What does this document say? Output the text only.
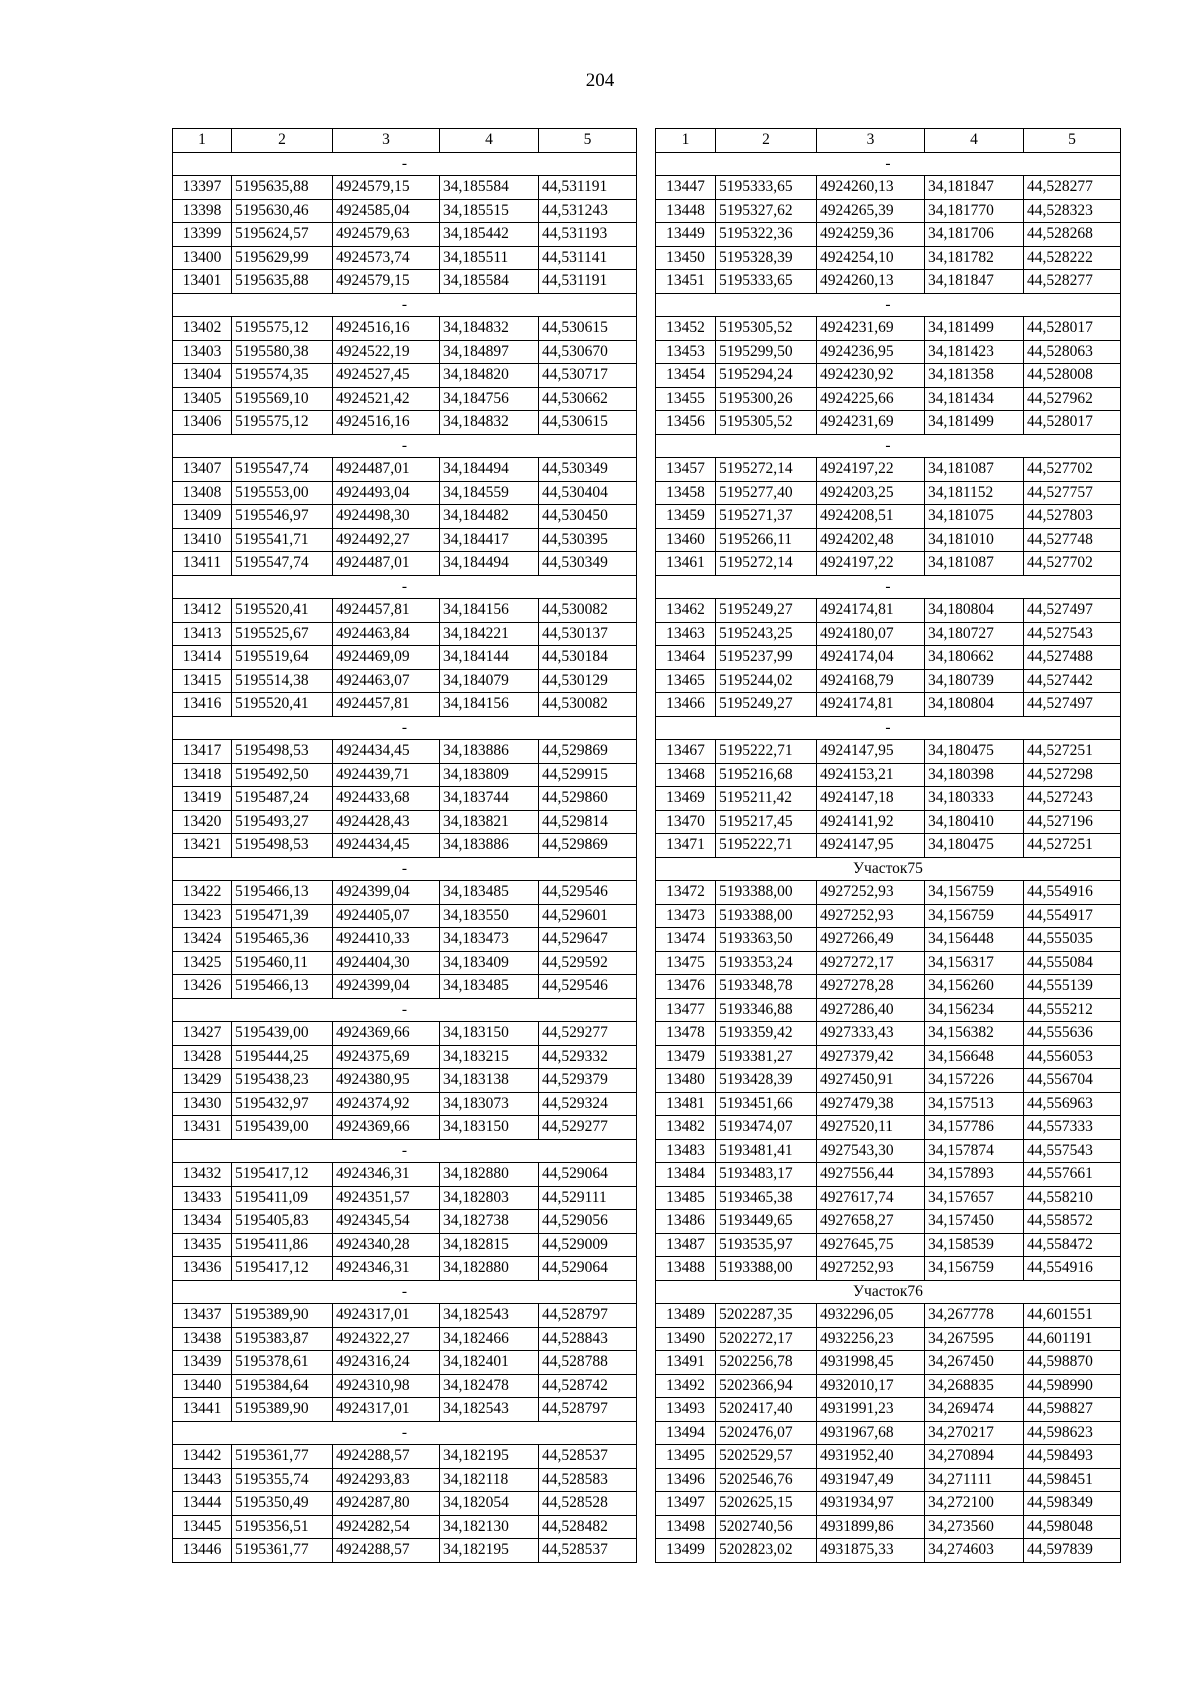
204
1	2	3	4	5
-				
13397	5195635,88	4924579,15	34,185584	44,531191
13398	5195630,46	4924585,04	34,185515	44,531243
13399	5195624,57	4924579,63	34,185442	44,531193
13400	5195629,99	4924573,74	34,185511	44,531141
13401	5195635,88	4924579,15	34,185584	44,531191
-				
13402	5195575,12	4924516,16	34,184832	44,530615
13403	5195580,38	4924522,19	34,184897	44,530670
13404	5195574,35	4924527,45	34,184820	44,530717
13405	5195569,10	4924521,42	34,184756	44,530662
13406	5195575,12	4924516,16	34,184832	44,530615
-				
13407	5195547,74	4924487,01	34,184494	44,530349
13408	5195553,00	4924493,04	34,184559	44,530404
13409	5195546,97	4924498,30	34,184482	44,530450
13410	5195541,71	4924492,27	34,184417	44,530395
13411	5195547,74	4924487,01	34,184494	44,530349
-				
13412	5195520,41	4924457,81	34,184156	44,530082
13413	5195525,67	4924463,84	34,184221	44,530137
13414	5195519,64	4924469,09	34,184144	44,530184
13415	5195514,38	4924463,07	34,184079	44,530129
13416	5195520,41	4924457,81	34,184156	44,530082
-				
13417	5195498,53	4924434,45	34,183886	44,529869
13418	5195492,50	4924439,71	34,183809	44,529915
13419	5195487,24	4924433,68	34,183744	44,529860
13420	5195493,27	4924428,43	34,183821	44,529814
13421	5195498,53	4924434,45	34,183886	44,529869
-				
13422	5195466,13	4924399,04	34,183485	44,529546
13423	5195471,39	4924405,07	34,183550	44,529601
13424	5195465,36	4924410,33	34,183473	44,529647
13425	5195460,11	4924404,30	34,183409	44,529592
13426	5195466,13	4924399,04	34,183485	44,529546
-				
13427	5195439,00	4924369,66	34,183150	44,529277
13428	5195444,25	4924375,69	34,183215	44,529332
13429	5195438,23	4924380,95	34,183138	44,529379
13430	5195432,97	4924374,92	34,183073	44,529324
13431	5195439,00	4924369,66	34,183150	44,529277
-				
13432	5195417,12	4924346,31	34,182880	44,529064
13433	5195411,09	4924351,57	34,182803	44,529111
13434	5195405,83	4924345,54	34,182738	44,529056
13435	5195411,86	4924340,28	34,182815	44,529009
13436	5195417,12	4924346,31	34,182880	44,529064
-				
13437	5195389,90	4924317,01	34,182543	44,528797
13438	5195383,87	4924322,27	34,182466	44,528843
13439	5195378,61	4924316,24	34,182401	44,528788
13440	5195384,64	4924310,98	34,182478	44,528742
13441	5195389,90	4924317,01	34,182543	44,528797
-				
13442	5195361,77	4924288,57	34,182195	44,528537
13443	5195355,74	4924293,83	34,182118	44,528583
13444	5195350,49	4924287,80	34,182054	44,528528
13445	5195356,51	4924282,54	34,182130	44,528482
13446	5195361,77	4924288,57	34,182195	44,528537
1	2	3	4	5
-				
13447	5195333,65	4924260,13	34,181847	44,528277
13448	5195327,62	4924265,39	34,181770	44,528323
13449	5195322,36	4924259,36	34,181706	44,528268
13450	5195328,39	4924254,10	34,181782	44,528222
13451	5195333,65	4924260,13	34,181847	44,528277
-				
13452	5195305,52	4924231,69	34,181499	44,528017
13453	5195299,50	4924236,95	34,181423	44,528063
13454	5195294,24	4924230,92	34,181358	44,528008
13455	5195300,26	4924225,66	34,181434	44,527962
13456	5195305,52	4924231,69	34,181499	44,528017
-				
13457	5195272,14	4924197,22	34,181087	44,527702
13458	5195277,40	4924203,25	34,181152	44,527757
13459	5195271,37	4924208,51	34,181075	44,527803
13460	5195266,11	4924202,48	34,181010	44,527748
13461	5195272,14	4924197,22	34,181087	44,527702
-				
13462	5195249,27	4924174,81	34,180804	44,527497
13463	5195243,25	4924180,07	34,180727	44,527543
13464	5195237,99	4924174,04	34,180662	44,527488
13465	5195244,02	4924168,79	34,180739	44,527442
13466	5195249,27	4924174,81	34,180804	44,527497
-				
13467	5195222,71	4924147,95	34,180475	44,527251
13468	5195216,68	4924153,21	34,180398	44,527298
13469	5195211,42	4924147,18	34,180333	44,527243
13470	5195217,45	4924141,92	34,180410	44,527196
13471	5195222,71	4924147,95	34,180475	44,527251
Участок75				
13472	5193388,00	4927252,93	34,156759	44,554916
13473	5193388,00	4927252,93	34,156759	44,554917
13474	5193363,50	4927266,49	34,156448	44,555035
13475	5193353,24	4927272,17	34,156317	44,555084
13476	5193348,78	4927278,28	34,156260	44,555139
13477	5193346,88	4927286,40	34,156234	44,555212
13478	5193359,42	4927333,43	34,156382	44,555636
13479	5193381,27	4927379,42	34,156648	44,556053
13480	5193428,39	4927450,91	34,157226	44,556704
13481	5193451,66	4927479,38	34,157513	44,556963
13482	5193474,07	4927520,11	34,157786	44,557333
13483	5193481,41	4927543,30	34,157874	44,557543
13484	5193483,17	4927556,44	34,157893	44,557661
13485	5193465,38	4927617,74	34,157657	44,558210
13486	5193449,65	4927658,27	34,157450	44,558572
13487	5193535,97	4927645,75	34,158539	44,558472
13488	5193388,00	4927252,93	34,156759	44,554916
Участок76				
13489	5202287,35	4932296,05	34,267778	44,601551
13490	5202272,17	4932256,23	34,267595	44,601191
13491	5202256,78	4931998,45	34,267450	44,598870
13492	5202366,94	4932010,17	34,268835	44,598990
13493	5202417,40	4931991,23	34,269474	44,598827
13494	5202476,07	4931967,68	34,270217	44,598623
13495	5202529,57	4931952,40	34,270894	44,598493
13496	5202546,76	4931947,49	34,271111	44,598451
13497	5202625,15	4931934,97	34,272100	44,598349
13498	5202740,56	4931899,86	34,273560	44,598048
13499	5202823,02	4931875,33	34,274603	44,597839
